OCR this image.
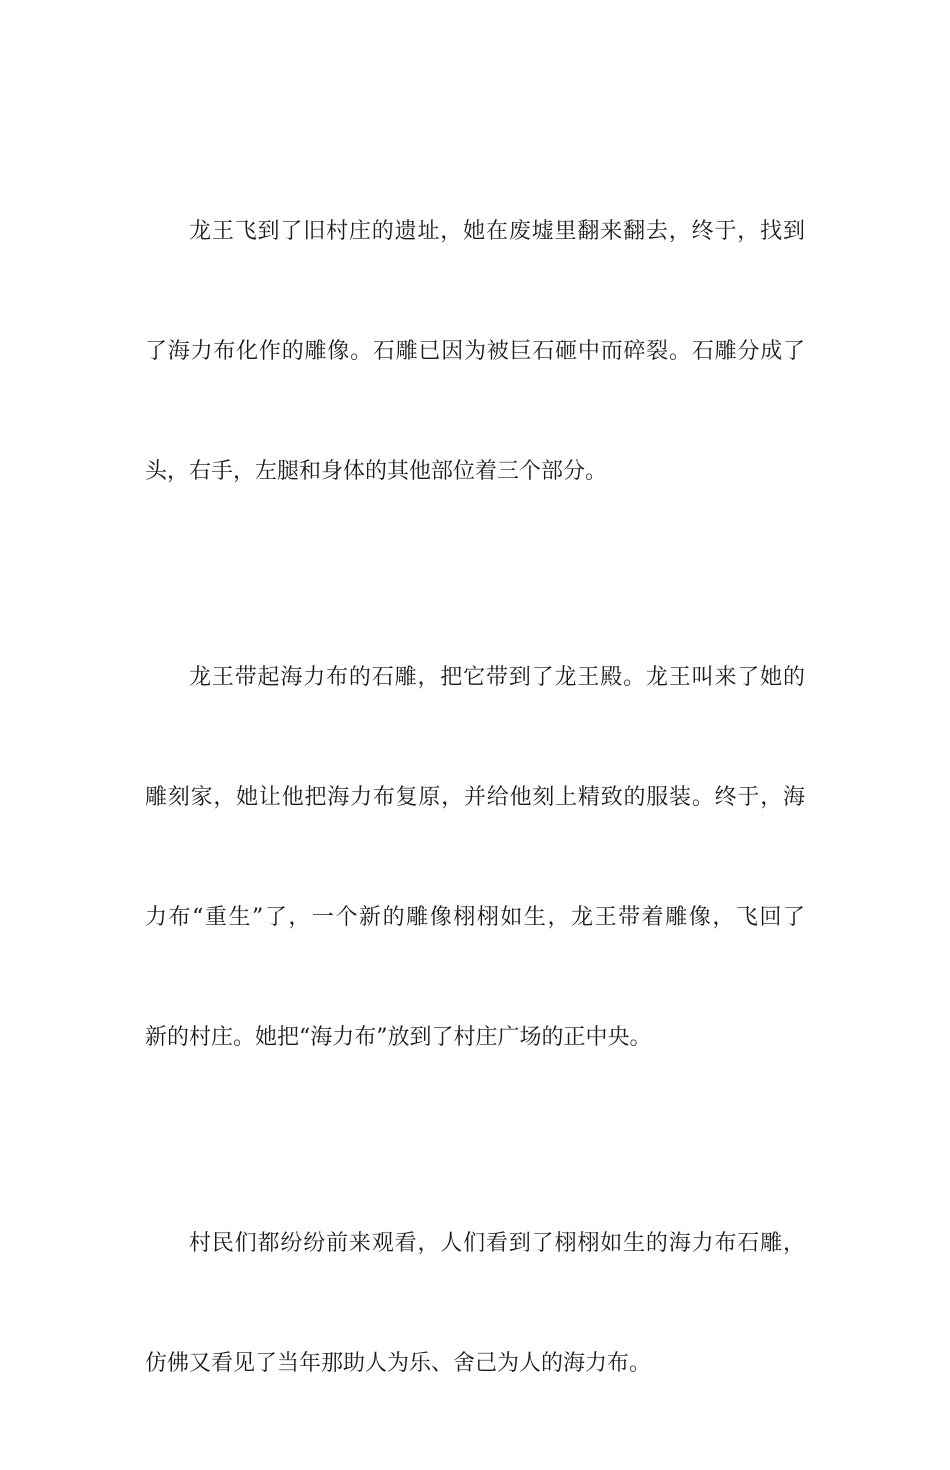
龙王飞到了旧村庄的遗址，她在废墟里翻来翻去，终于，找到

了海力布化作的雕像。石雕已因为被巨石砸中而碎裂。石雕分成了

头，右手，左腿和身体的其他部位着三个部分。

龙王带起海力布的石雕，把它带到了龙王殿。龙王叫来了她的

雕刻家，她让他把海力布复原，并给他刻上精致的服装。终于，海

力布“重生”了，一个新的雕像栩栩如生，龙王带着雕像，飞回了

新的村庄。她把“海力布”放到了村庄广场的正中央。

村民们都纷纷前来观看，人们看到了栩栩如生的海力布石雕，

仿佛又看见了当年那助人为乐、舍己为人的海力布。
